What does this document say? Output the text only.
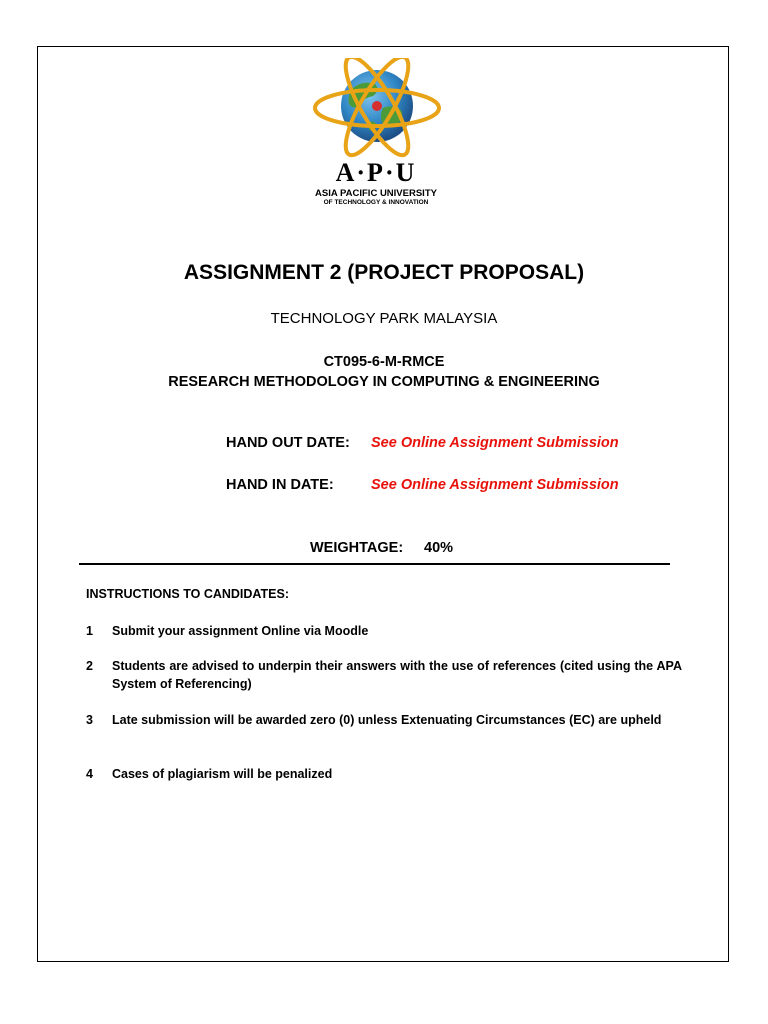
A·P·U
ASIA PACIFIC UNIVERSITY
OF TECHNOLOGY & INNOVATION
ASSIGNMENT 2 (PROJECT PROPOSAL)
TECHNOLOGY PARK MALAYSIA
CT095-6-M-RMCE
RESEARCH METHODOLOGY IN COMPUTING & ENGINEERING
HAND OUT DATE: See Online Assignment Submission
HAND IN DATE:	See Online Assignment Submission
WEIGHTAGE: 40%
INSTRUCTIONS TO CANDIDATES:
1 Submit your assignment Online via Moodle
2 Students are advised to underpin their answers with the use of references (cited using the APA System of Referencing)
3 Late submission will be awarded zero (0) unless Extenuating Circumstances (EC) are upheld
4 Cases of plagiarism will be penalized
